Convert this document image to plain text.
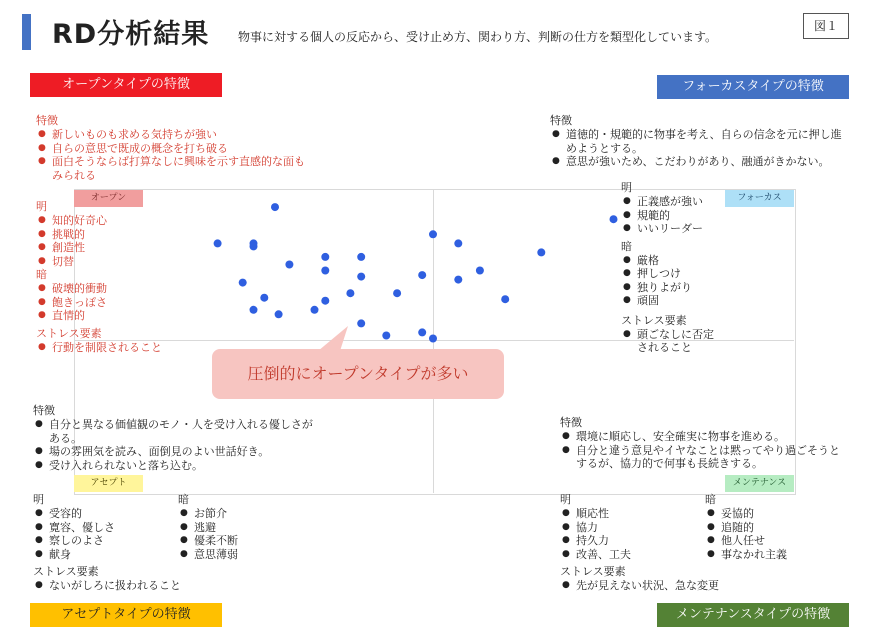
RD分析結果 物事に対する個人の反応から、受け止め方、関わり方、判断の仕方を類型化しています。
図１
オープンタイプの特徴	フォーカスタイプの特徴
アセプトタイプの特徴	メンテナンスタイプの特徴
オープン	フォーカス
アセプト	メンテナンス
圧倒的にオープンタイプが多い
特徴
● 新しいものも求める気持ちが強い
● 自らの意思で既成の概念を打ち破る
● 面白そうならば打算なしに興味を示す直感的な面もみられる
明
● 知的好奇心
● 挑戦的
● 創造性
● 切替
暗
● 破壊的衝動
● 飽きっぽさ
● 直情的
ストレス要素
● 行動を制限されること
特徴
● 道徳的・規範的に物事を考え、自らの信念を元に押し進めようとする。
● 意思が強いため、こだわりがあり、融通がきかない。
明
● 正義感が強い
● 規範的
● いいリーダー
暗
● 厳格
● 押しつけ
● 独りよがり
● 頑固
ストレス要素
● 頭ごなしに否定されること
特徴
● 自分と異なる価値観のモノ・人を受け入れる優しさがある。
● 場の雰囲気を読み、面倒見のよい世話好き。
● 受け入れられないと落ち込む。
明
● 受容的
● 寛容、優しさ
● 察しのよさ
● 献身
暗
● お節介
● 逃避
● 優柔不断
● 意思薄弱
ストレス要素
● ないがしろに扱われること
特徴
● 環境に順応し、安全確実に物事を進める。
● 自分と違う意見やイヤなことは黙ってやり過ごそうとするが、協力的で何事も長続きする。
明
● 順応性
● 協力
● 持久力
● 改善、工夫
暗
● 妥協的
● 追随的
● 他人任せ
● 事なかれ主義
ストレス要素
● 先が見えない状況、急な変更
